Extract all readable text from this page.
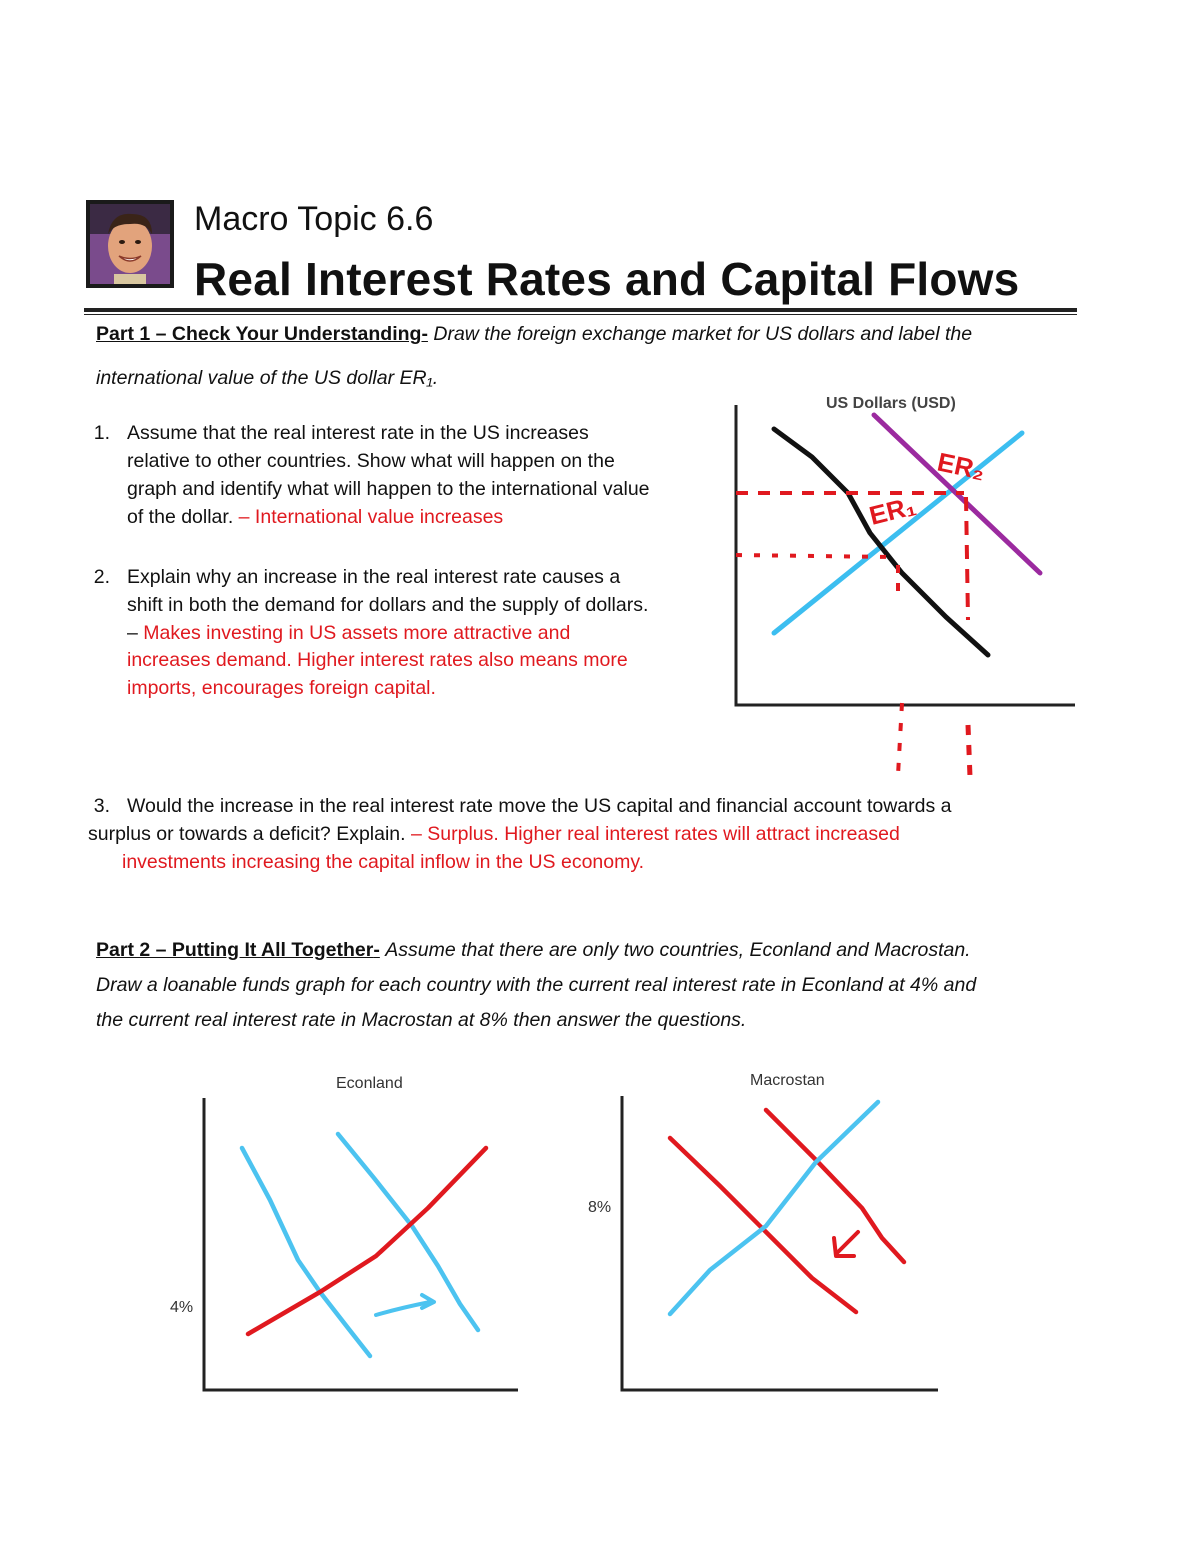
Macro Topic 6.6
Real Interest Rates and Capital Flows
Part 1 – Check Your Understanding- Draw the foreign exchange market for US dollars and label the
international value of the US dollar ER₁.
1. Assume that the real interest rate in the US increases
relative to other countries. Show what will happen on the
graph and identify what will happen to the international value
of the dollar. – International value increases
2. Explain why an increase in the real interest rate causes a
shift in both the demand for dollars and the supply of dollars.
– Makes investing in US assets more attractive and
increases demand. Higher interest rates also means more
imports, encourages foreign capital.
3. Would the increase in the real interest rate move the US capital and financial account towards a
surplus or towards a deficit? Explain. – Surplus. Higher real interest rates will attract increased
investments increasing the capital inflow in the US economy.
US Dollars (USD)
ER₁
ER₂
Part 2 – Putting It All Together- Assume that there are only two countries, Econland and Macrostan.
Draw a loanable funds graph for each country with the current real interest rate in Econland at 4% and
the current real interest rate in Macrostan at 8% then answer the questions.
Econland
4%
Macrostan
8%
